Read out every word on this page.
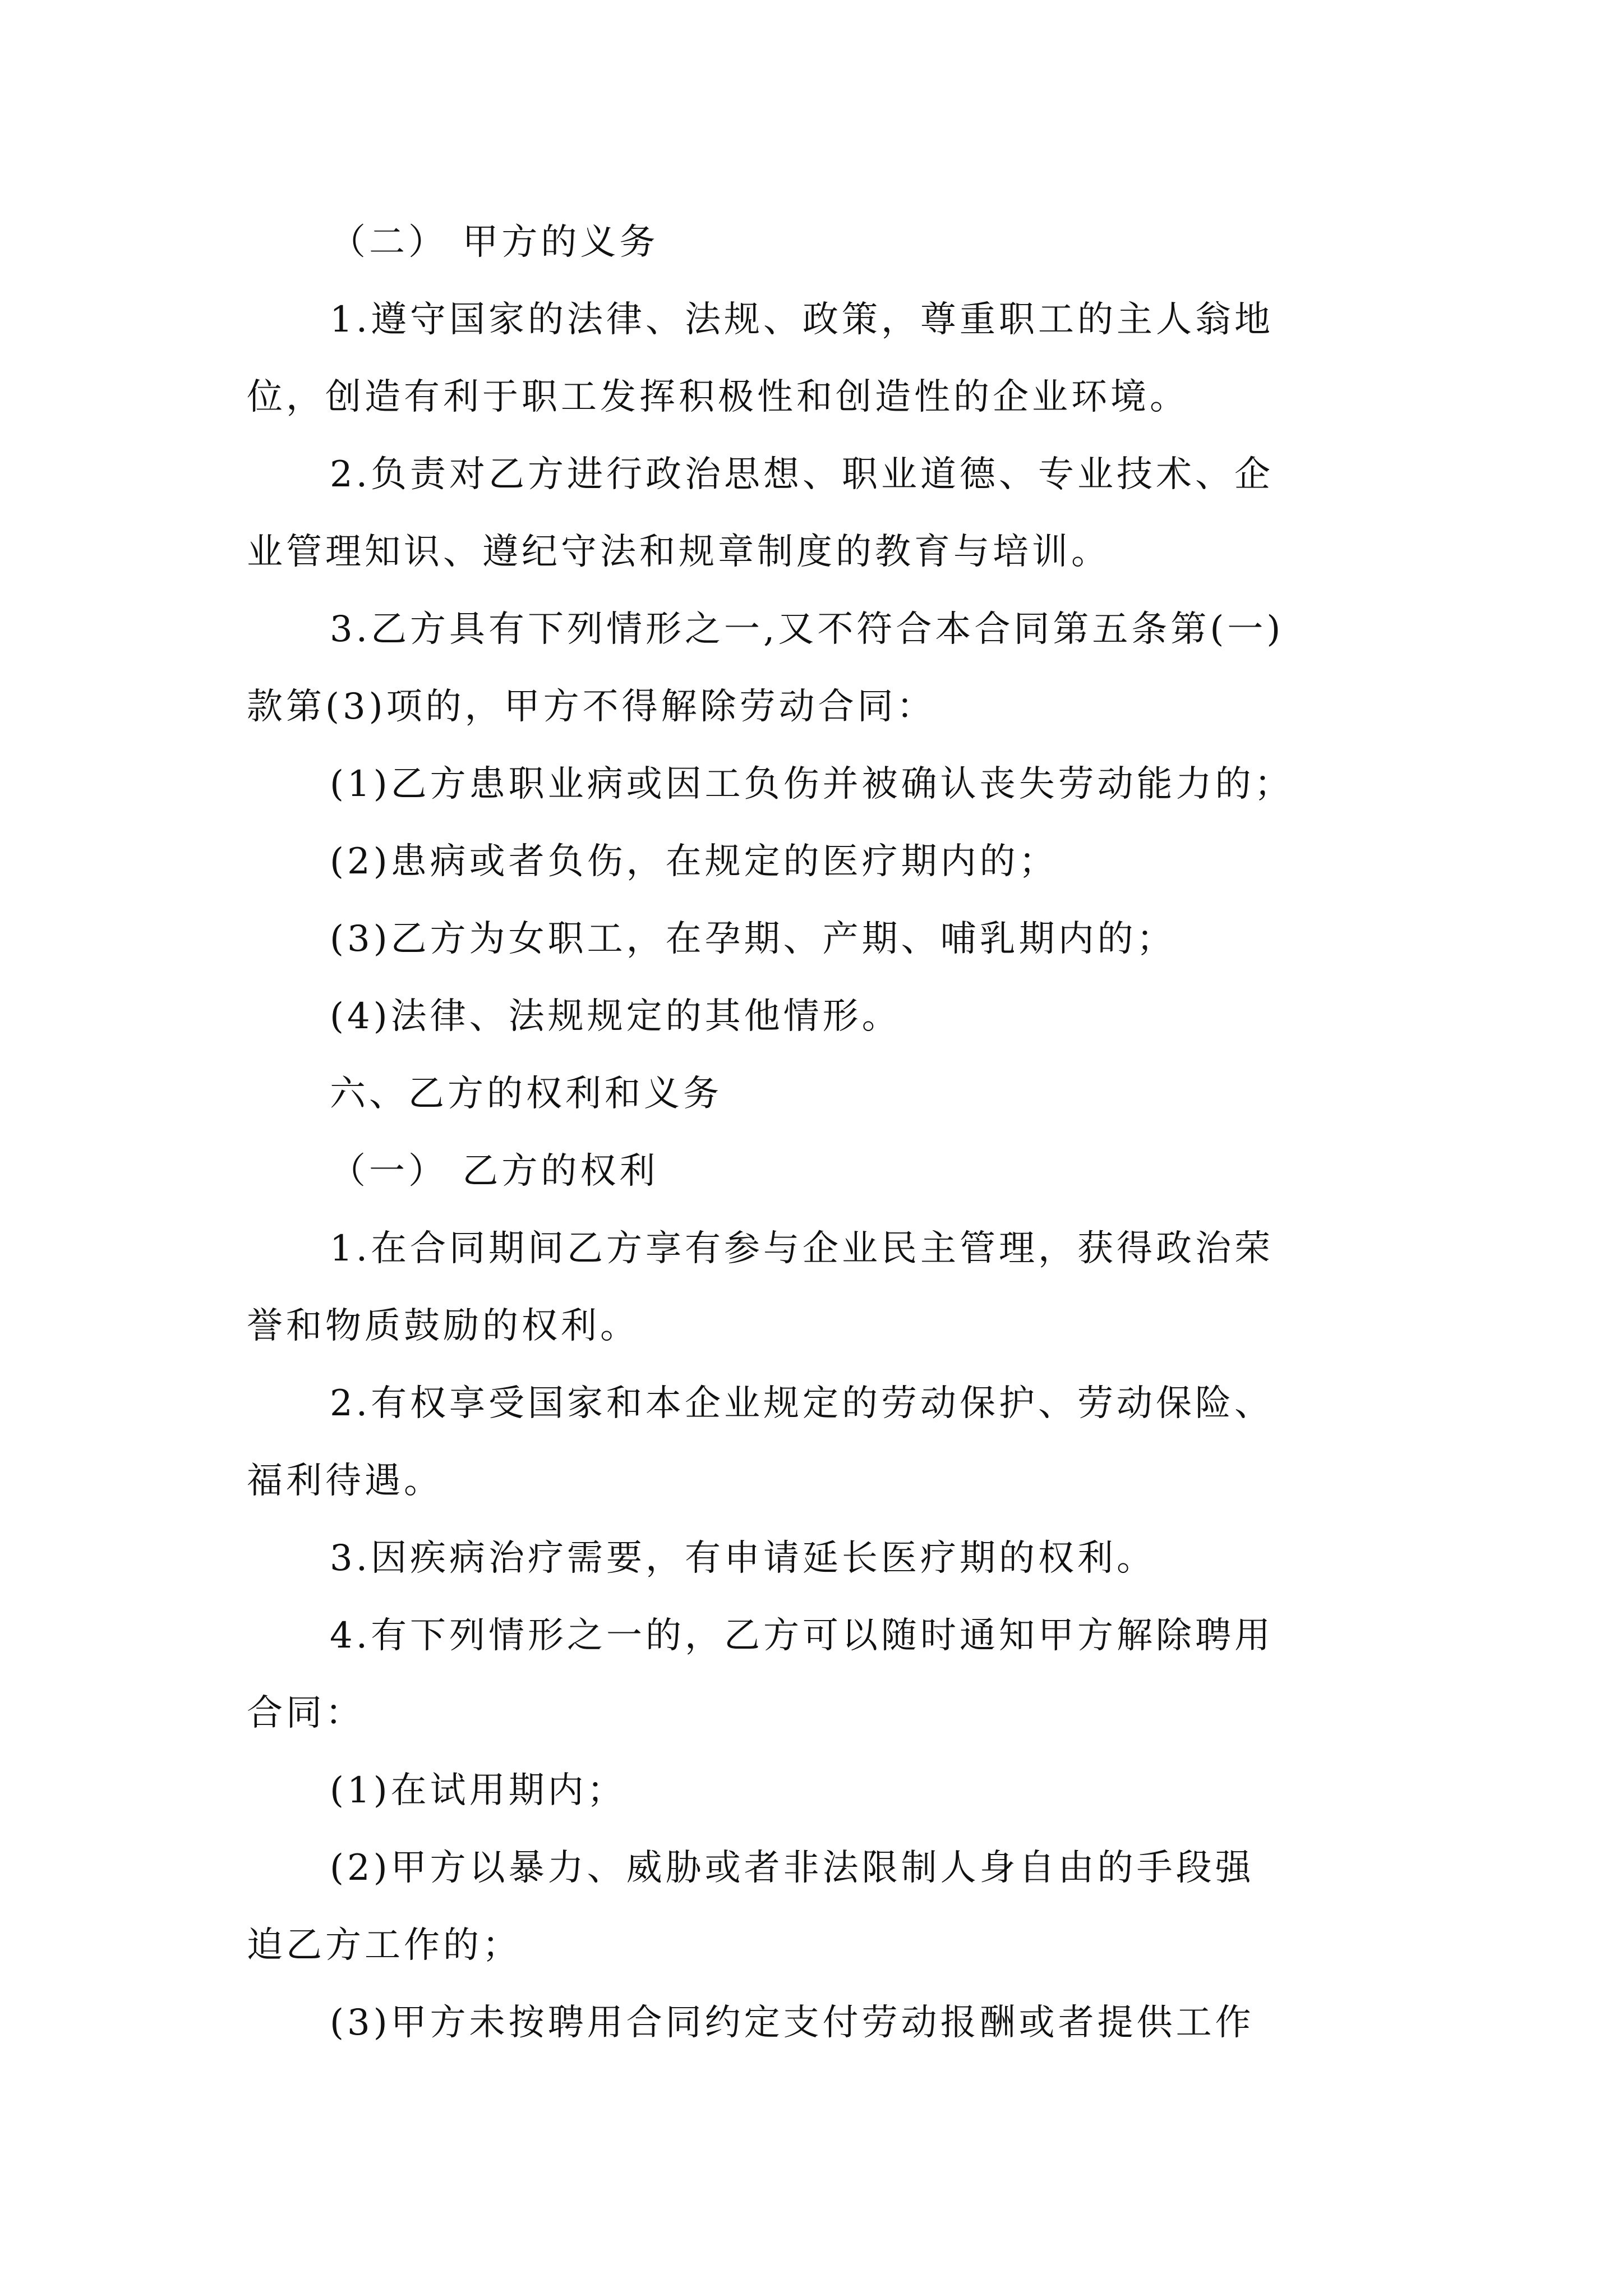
（二） 甲方的义务
1.遵守国家的法律、法规、政策，尊重职工的主人翁地
位，创造有利于职工发挥积极性和创造性的企业环境。
2.负责对乙方进行政治思想、职业道德、专业技术、企
业管理知识、遵纪守法和规章制度的教育与培训。
3.乙方具有下列情形之一,又不符合本合同第五条第(一)
款第(3)项的，甲方不得解除劳动合同：
(1)乙方患职业病或因工负伤并被确认丧失劳动能力的；
(2)患病或者负伤，在规定的医疗期内的；
(3)乙方为女职工，在孕期、产期、哺乳期内的；
(4)法律、法规规定的其他情形。
六、乙方的权利和义务
（一） 乙方的权利
1.在合同期间乙方享有参与企业民主管理，获得政治荣
誉和物质鼓励的权利。
2.有权享受国家和本企业规定的劳动保护、劳动保险、
福利待遇。
3.因疾病治疗需要，有申请延长医疗期的权利。
4.有下列情形之一的，乙方可以随时通知甲方解除聘用
合同：
(1)在试用期内；
(2)甲方以暴力、威胁或者非法限制人身自由的手段强
迫乙方工作的；
(3)甲方未按聘用合同约定支付劳动报酬或者提供工作
